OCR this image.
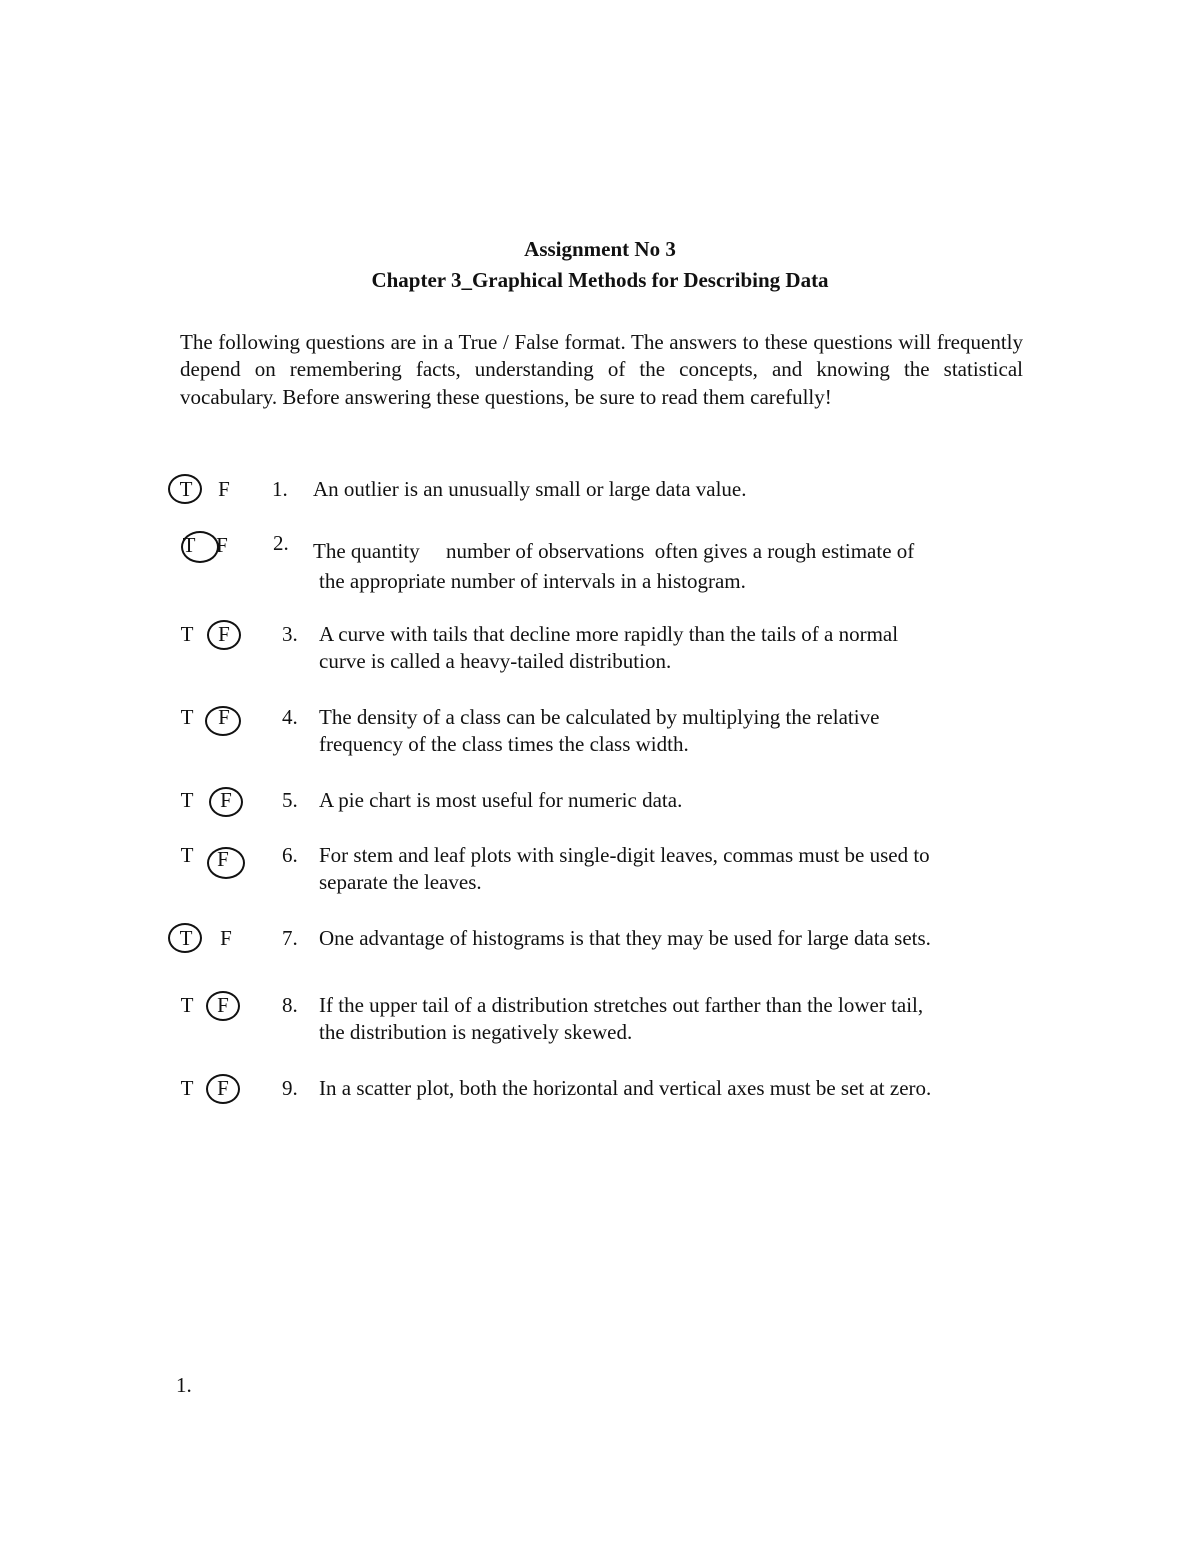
Assignment No 3
Chapter 3_Graphical Methods for Describing Data
The following questions are in a True / False format. The answers to these questions will frequently depend on remembering facts, understanding of the concepts, and knowing the statistical vocabulary. Before answering these questions, be sure to read them carefully!
T	F	1. An outlier is an unusually small or large data value.
T F	2. The quantity     number of observations  often gives a rough estimate of
the appropriate number of intervals in a histogram.
T	F	3. A curve with tails that decline more rapidly than the tails of a normal
curve is called a heavy-tailed distribution.
T	F	4. The density of a class can be calculated by multiplying the relative
frequency of the class times the class width.
T	F	5. A pie chart is most useful for numeric data.
T	F	6. For stem and leaf plots with single-digit leaves, commas must be used to
separate the leaves.
T	F	7. One advantage of histograms is that they may be used for large data sets.
T	F	8. If the upper tail of a distribution stretches out farther than the lower tail,
the distribution is negatively skewed.
T	F	9. In a scatter plot, both the horizontal and vertical axes must be set at zero.
1.
